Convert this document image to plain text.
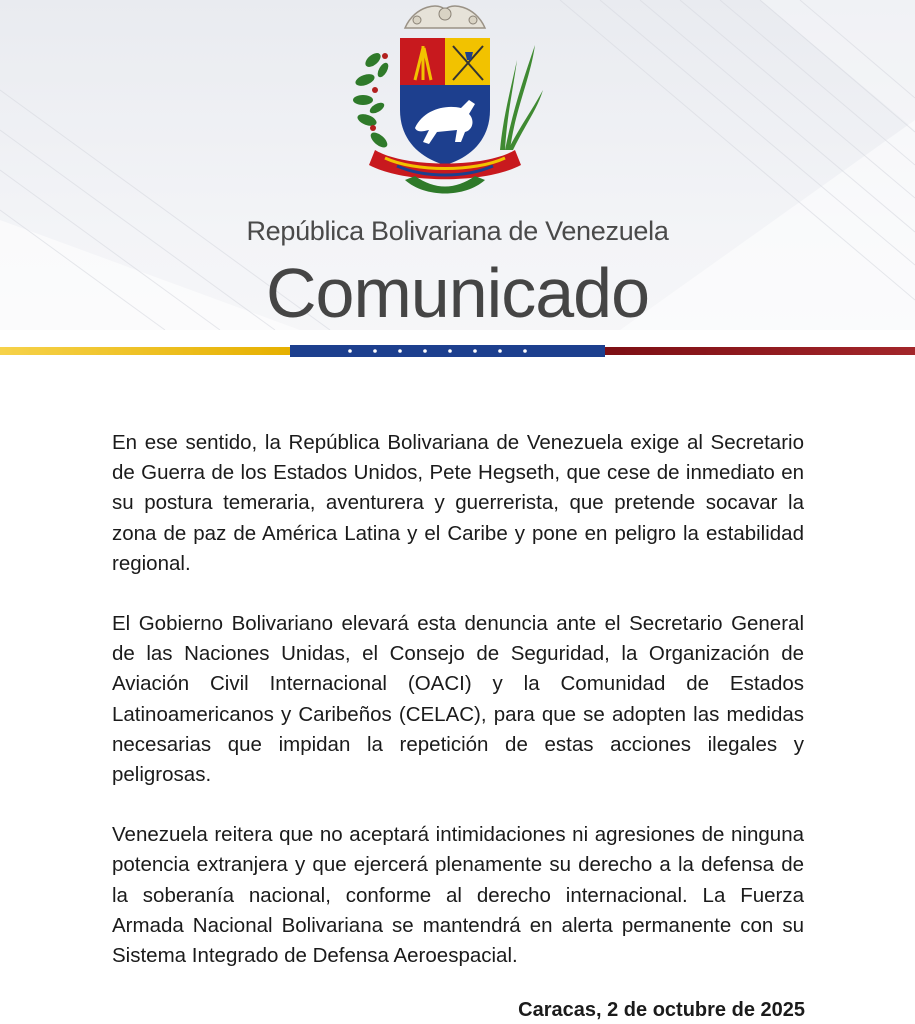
República Bolivariana de Venezuela
Comunicado

En ese sentido, la República Bolivariana de Venezuela exige al Secretario de Guerra de los Estados Unidos, Pete Hegseth, que cese de inmediato en su postura temeraria, aventurera y guerrerista, que pretende socavar la zona de paz de América Latina y el Caribe y pone en peligro la estabilidad regional.

El Gobierno Bolivariano elevará esta denuncia ante el Secretario General de las Naciones Unidas, el Consejo de Seguridad, la Organización de Aviación Civil Internacional (OACI) y la Comunidad de Estados Latinoamericanos y Caribeños (CELAC), para que se adopten las medidas necesarias que impidan la repetición de estas acciones ilegales y peligrosas.

Venezuela reitera que no aceptará intimidaciones ni agresiones de ninguna potencia extranjera y que ejercerá plenamente su derecho a la defensa de la soberanía nacional, conforme al derecho internacional. La Fuerza Armada Nacional Bolivariana se mantendrá en alerta permanente con su Sistema Integrado de Defensa Aeroespacial.

Caracas, 2 de octubre de 2025
